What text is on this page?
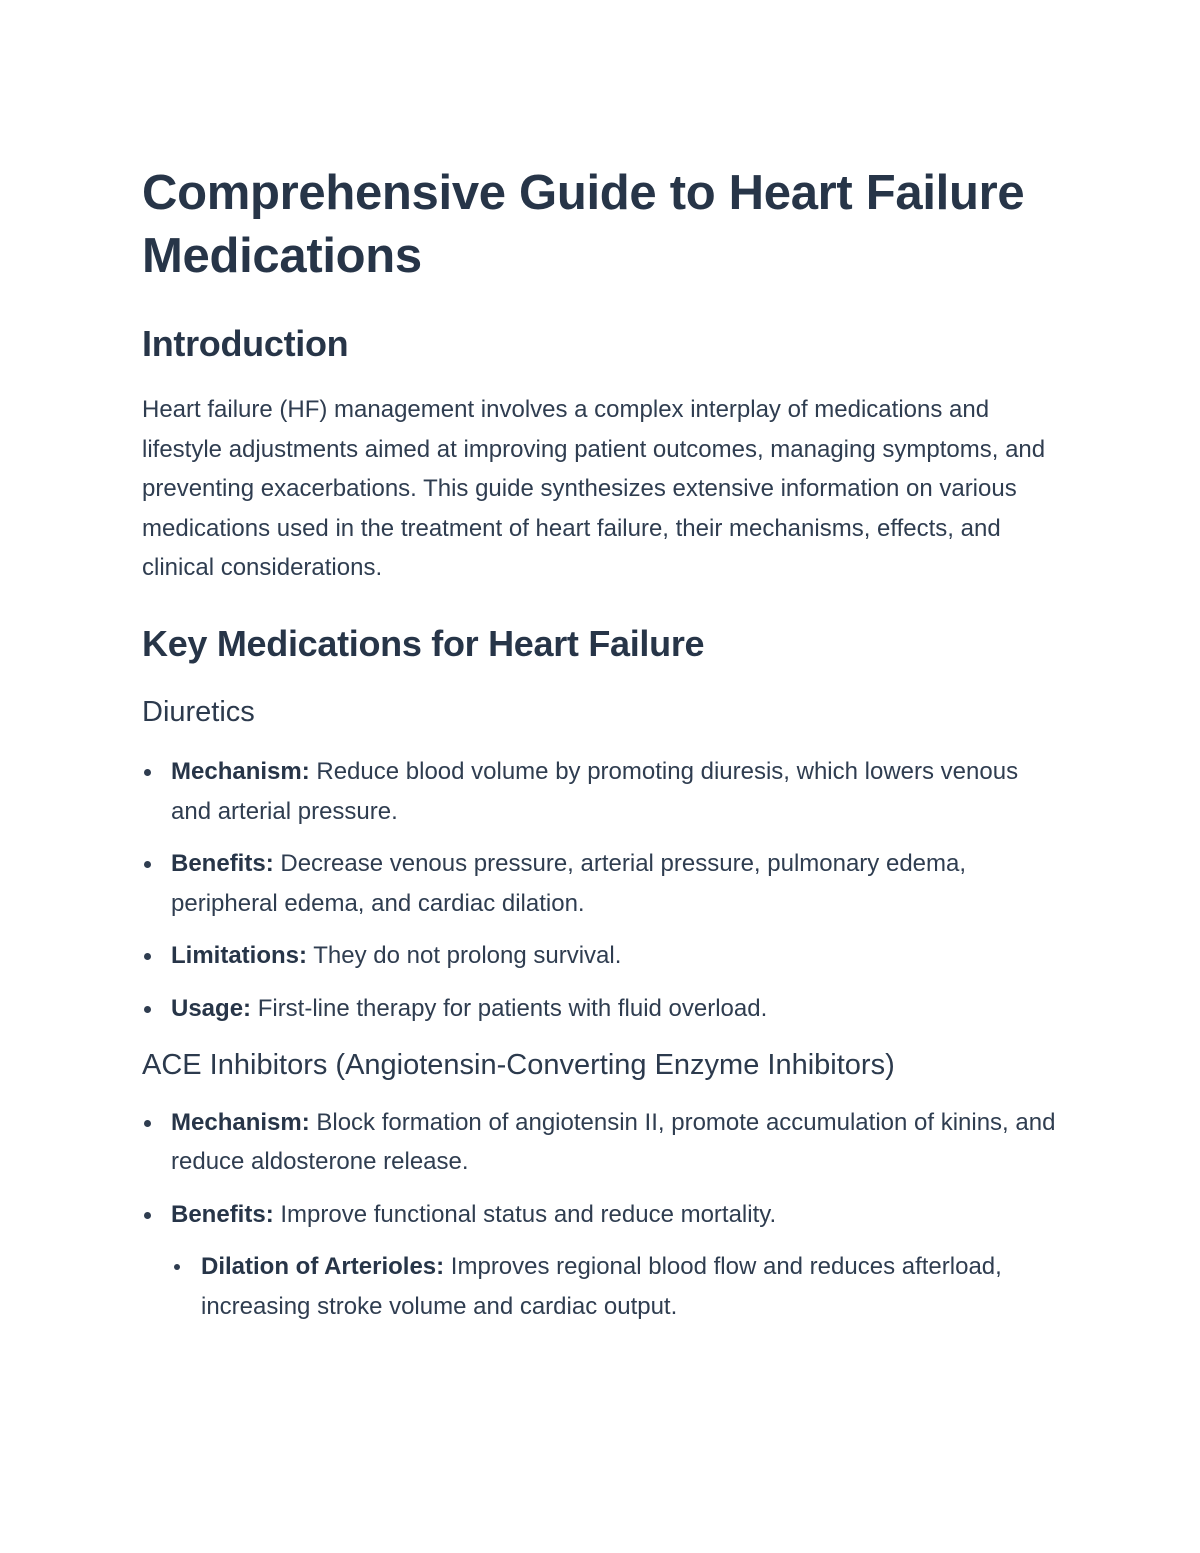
Comprehensive Guide to Heart Failure Medications
Introduction

Heart failure (HF) management involves a complex interplay of medications and lifestyle adjustments aimed at improving patient outcomes, managing symptoms, and preventing exacerbations. This guide synthesizes extensive information on various medications used in the treatment of heart failure, their mechanisms, effects, and clinical considerations.

Key Medications for Heart Failure
Diuretics
Mechanism: Reduce blood volume by promoting diuresis, which lowers venous and arterial pressure.
Benefits: Decrease venous pressure, arterial pressure, pulmonary edema, peripheral edema, and cardiac dilation.
Limitations: They do not prolong survival.
Usage: First-line therapy for patients with fluid overload.
ACE Inhibitors (Angiotensin-Converting Enzyme Inhibitors)
Mechanism: Block formation of angiotensin II, promote accumulation of kinins, and reduce aldosterone release.
Benefits: Improve functional status and reduce mortality.
Dilation of Arterioles: Improves regional blood flow and reduces afterload, increasing stroke volume and cardiac output.
